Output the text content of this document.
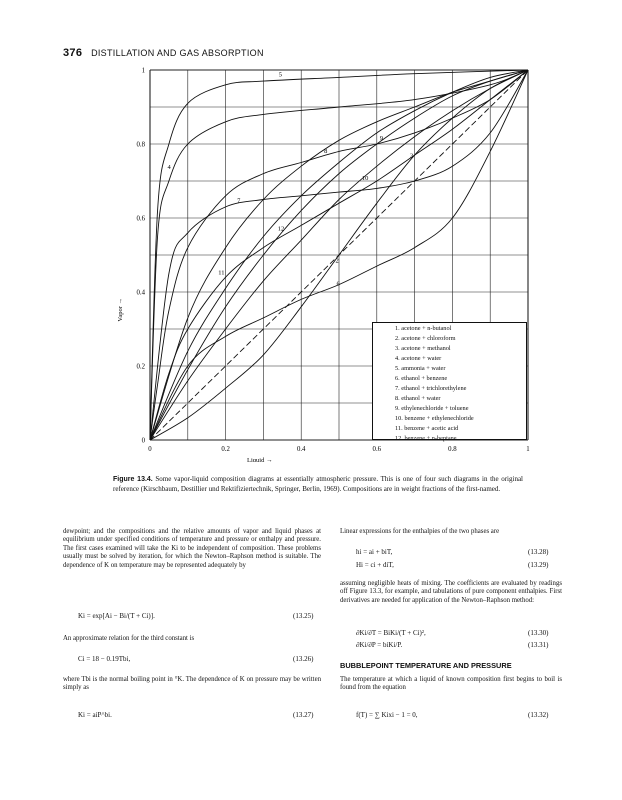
376 DISTILLATION AND GAS ABSORPTION
0	0.2	0.4	0.6	0.8	1
0
0.2
0.4
0.6
0.8
1
2
3
4
5
6
7
8
9
10
11
12
Liquid →
Vapor →
1. acetone + n-butanol
2. acetone + chloroform
3. acetone + methanol
4. acetone + water
5. ammonia + water
6. ethanol + benzene
7. ethanol + trichlorethylene
8. ethanol + water
9. ethylenechloride + toluene
10. benzene + ethylenechloride
11. benzene + acetic acid
12. benzene + n-heptane
Figure 13.4. Some vapor-liquid composition diagrams at essentially atmospheric pressure. This is one of four such diagrams in the original reference (Kirschbaum, Destillier und Rektifiziertechnik, Springer, Berlin, 1969). Compositions are in weight fractions of the first-named.

dewpoint; and the compositions and the relative amounts of vapor and liquid phases at equilibrium under specified conditions of temperature and pressure or enthalpy and pressure. The first cases examined will take the Ki to be independent of composition. These problems usually must be solved by iteration, for which the Newton–Raphson method is suitable. The dependence of K on temperature may be represented adequately by

Ki = exp[Ai − Bi/(T + Ci)].	(13.25)

An approximate relation for the third constant is

Ci = 18 − 0.19Tbi,	(13.26)

where Tbi is the normal boiling point in °K. The dependence of K on pressure may be written simply as

Ki = aiP^bi.	(13.27)

Linear expressions for the enthalpies of the two phases are

hi = ai + biT,	(13.28)
Hi = ci + diT,	(13.29)

assuming negligible heats of mixing. The coefficients are evaluated by readings off Figure 13.3, for example, and tabulations of pure component enthalpies. First derivatives are needed for application of the Newton–Raphson method:

∂Ki/∂T = BiKi/(T + Ci)²,	(13.30)
∂Ki/∂P = biKi/P.	(13.31)
BUBBLEPOINT TEMPERATURE AND PRESSURE

The temperature at which a liquid of known composition first begins to boil is found from the equation

f(T) = ∑ Kixi − 1 = 0,	(13.32)
